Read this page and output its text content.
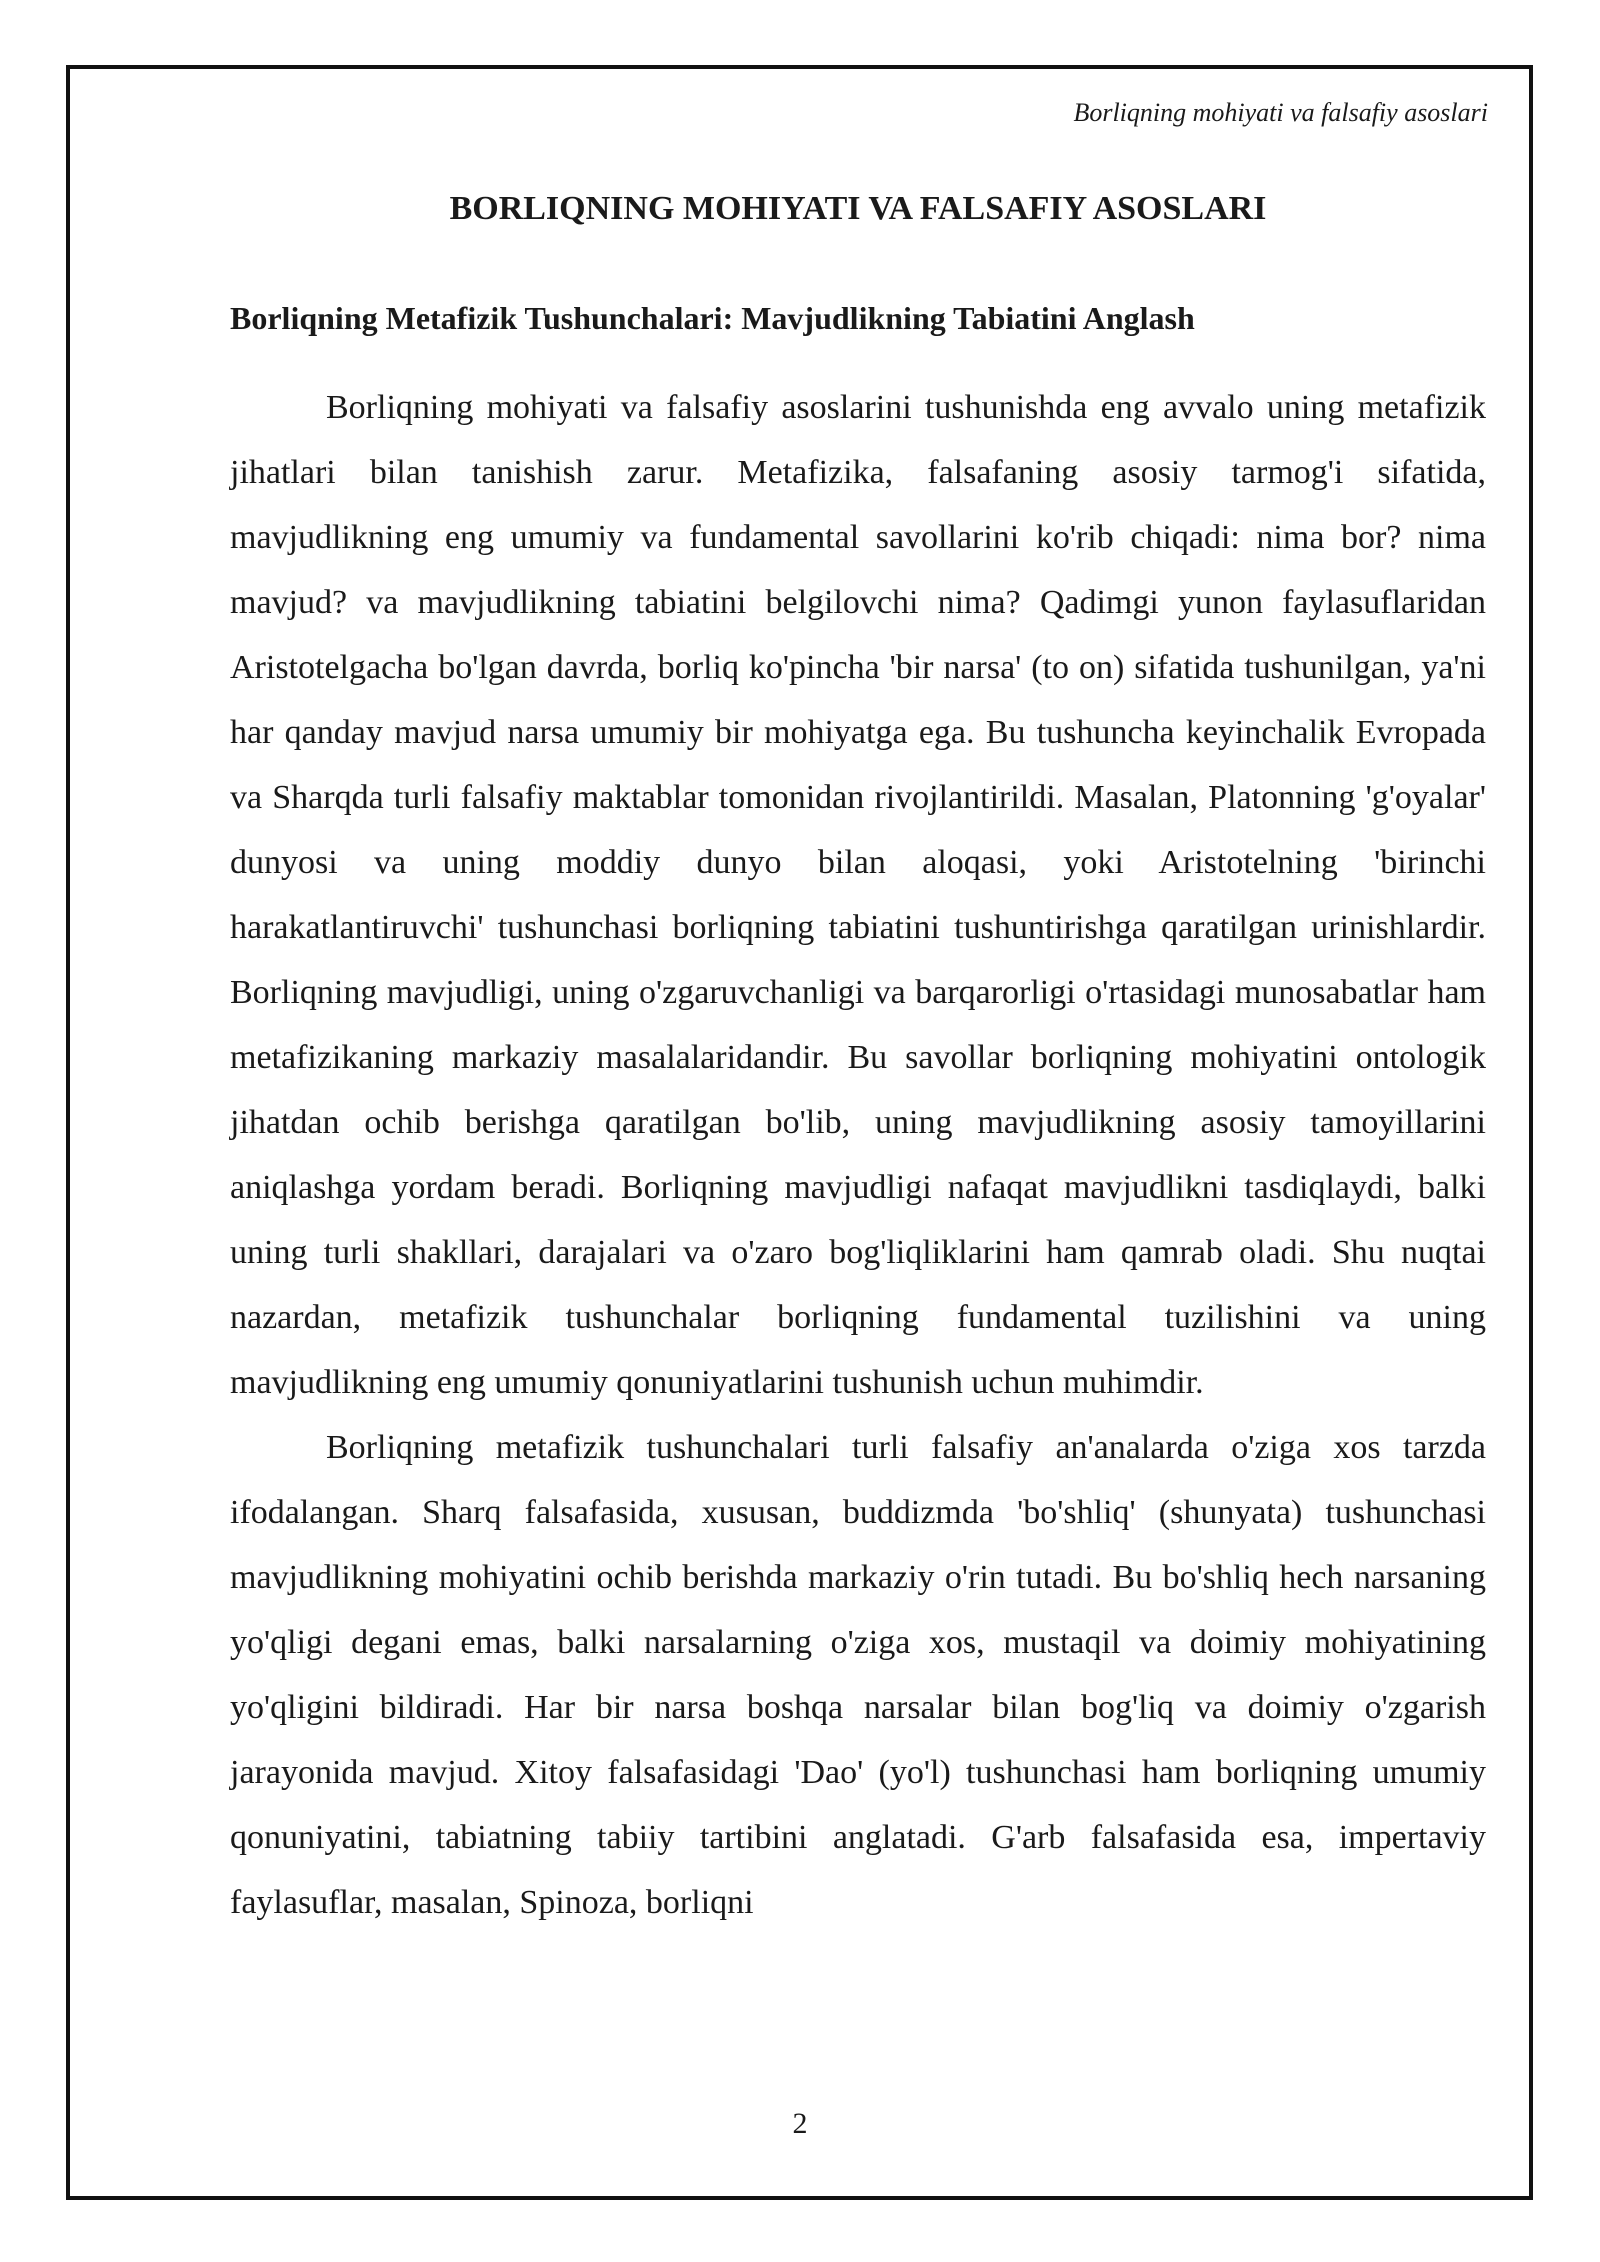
Borliqning mohiyati va falsafiy asoslari
BORLIQNING MOHIYATI VA FALSAFIY ASOSLARI
Borliqning Metafizik Tushunchalari: Mavjudlikning Tabiatini Anglash

Borliqning mohiyati va falsafiy asoslarini tushunishda eng avvalo uning metafizik jihatlari bilan tanishish zarur. Metafizika, falsafaning asosiy tarmog'i sifatida, mavjudlikning eng umumiy va fundamental savollarini ko'rib chiqadi: nima bor? nima mavjud? va mavjudlikning tabiatini belgilovchi nima? Qadimgi yunon faylasuflaridan Aristotelgacha bo'lgan davrda, borliq ko'pincha 'bir narsa' (to on) sifatida tushunilgan, ya'ni har qanday mavjud narsa umumiy bir mohiyatga ega. Bu tushuncha keyinchalik Evropada va Sharqda turli falsafiy maktablar tomonidan rivojlantirildi. Masalan, Platonning 'g'oyalar' dunyosi va uning moddiy dunyo bilan aloqasi, yoki Aristotelning 'birinchi harakatlantiruvchi' tushunchasi borliqning tabiatini tushuntirishga qaratilgan urinishlardir. Borliqning mavjudligi, uning o'zgaruvchanligi va barqarorligi o'rtasidagi munosabatlar ham metafizikaning markaziy masalalaridandir. Bu savollar borliqning mohiyatini ontologik jihatdan ochib berishga qaratilgan bo'lib, uning mavjudlikning asosiy tamoyillarini aniqlashga yordam beradi. Borliqning mavjudligi nafaqat mavjudlikni tasdiqlaydi, balki uning turli shakllari, darajalari va o'zaro bog'liqliklarini ham qamrab oladi. Shu nuqtai nazardan, metafizik tushunchalar borliqning fundamental tuzilishini va uning mavjudlikning eng umumiy qonuniyatlarini tushunish uchun muhimdir.

Borliqning metafizik tushunchalari turli falsafiy an'analarda o'ziga xos tarzda ifodalangan. Sharq falsafasida, xususan, buddizmda 'bo'shliq' (shunyata) tushunchasi mavjudlikning mohiyatini ochib berishda markaziy o'rin tutadi. Bu bo'shliq hech narsaning yo'qligi degani emas, balki narsalarning o'ziga xos, mustaqil va doimiy mohiyatining yo'qligini bildiradi. Har bir narsa boshqa narsalar bilan bog'liq va doimiy o'zgarish jarayonida mavjud. Xitoy falsafasidagi 'Dao' (yo'l) tushunchasi ham borliqning umumiy qonuniyatini, tabiatning tabiiy tartibini anglatadi. G'arb falsafasida esa, impertaviy faylasuflar, masalan, Spinoza, borliqni

2
